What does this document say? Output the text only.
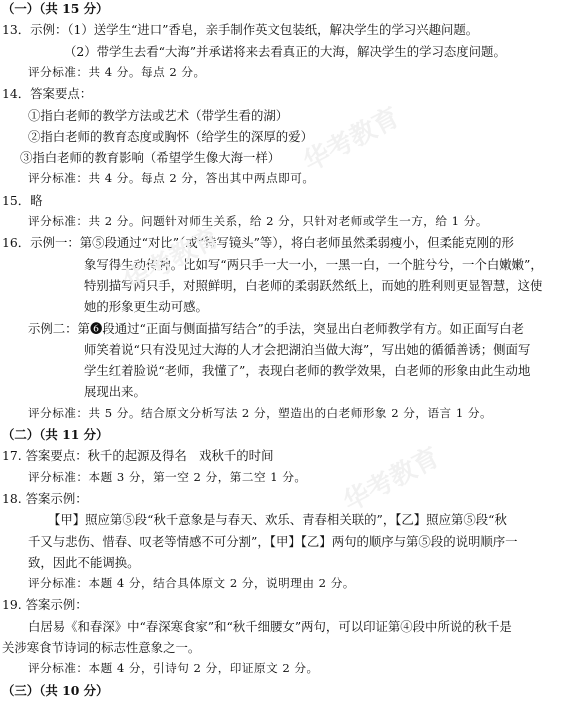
（一）（共 15 分）
13．示例：（1）送学生“进口”香皂，亲手制作英文包装纸，解决学生的学习兴趣问题。
（2）带学生去看“大海”并承诺将来去看真正的大海，解决学生的学习态度问题。
评分标准：共 4 分。每点 2 分。
14．答案要点：
①指白老师的教学方法或艺术（带学生看的湖）
②指白老师的教育态度或胸怀（给学生的深厚的爱）
③指白老师的教育影响（希望学生像大海一样）
评分标准：共 4 分。每点 2 分，答出其中两点即可。
15．略
评分标准：共 2 分。问题针对师生关系，给 2 分，只针对老师或学生一方，给 1 分。
16．示例一：第⑤段通过“对比”（或“特写镜头”等），将白老师虽然柔弱瘦小，但柔能克刚的形
象写得生动传神。比如写“两只手一大一小，一黑一白，一个脏兮兮，一个白嫩嫩”，
特别描写两只手，对照鲜明，白老师的柔弱跃然纸上，而她的胜利则更显智慧，这使
她的形象更生动可感。
示例二：第❻段通过“正面与侧面描写结合”的手法，突显出白老师教学有方。如正面写白老
师笑着说“只有没见过大海的人才会把湖泊当做大海”，写出她的循循善诱；侧面写
学生红着脸说“老师，我懂了”，表现白老师的教学效果，白老师的形象由此生动地
展现出来。
评分标准：共 5 分。结合原文分析写法 2 分，塑造出的白老师形象 2 分，语言 1 分。
（二）（共 11 分）
17. 答案要点：秋千的起源及得名　戏秋千的时间
评分标准：本题 3 分，第一空 2 分，第二空 1 分。
18. 答案示例：
【甲】照应第⑤段“秋千意象是与春天、欢乐、青春相关联的”，【乙】照应第⑤段“秋
千又与悲伤、惜春、叹老等情感不可分割”，【甲】【乙】两句的顺序与第⑤段的说明顺序一
致，因此不能调换。
评分标准：本题 4 分，结合具体原文 2 分，说明理由 2 分。
19. 答案示例：
白居易《和春深》中“春深寒食家”和“秋千细腰女”两句，可以印证第④段中所说的秋千是
关涉寒食节诗词的标志性意象之一。
评分标准：本题 4 分，引诗句 2 分，印证原文 2 分。
（三）（共 10 分）
华考教育
华考教育
华考教育
